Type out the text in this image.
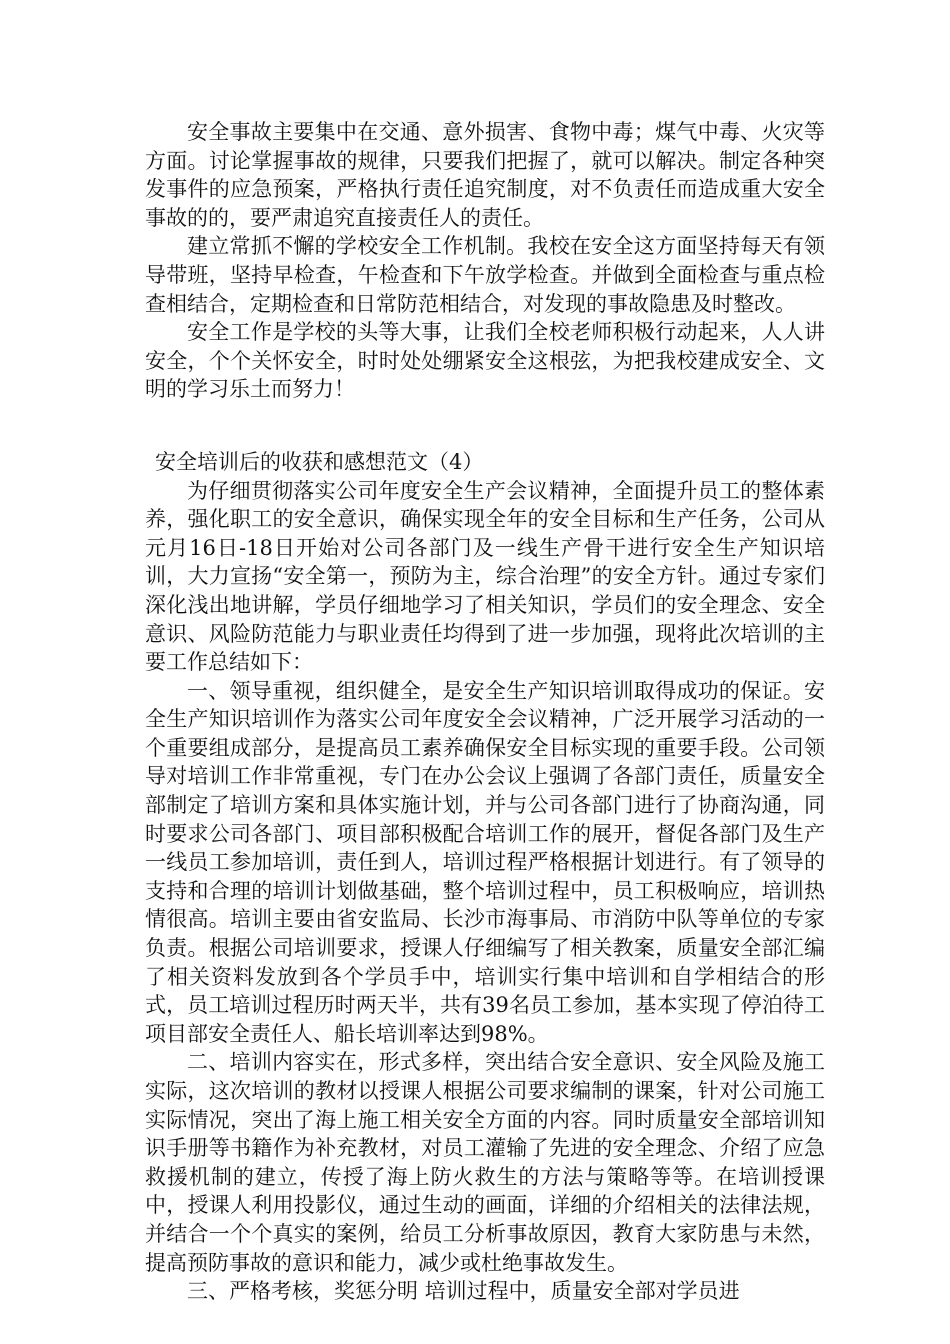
安全事故主要集中在交通、意外损害、食物中毒；煤气中毒、火灾等方面。讨论掌握事故的规律，只要我们把握了，就可以解决。制定各种突发事件的应急预案，严格执行责任追究制度，对不负责任而造成重大安全事故的的，要严肃追究直接责任人的责任。

建立常抓不懈的学校安全工作机制。我校在安全这方面坚持每天有领导带班，坚持早检查，午检查和下午放学检查。并做到全面检查与重点检查相结合，定期检查和日常防范相结合，对发现的事故隐患及时整改。

安全工作是学校的头等大事，让我们全校老师积极行动起来，人人讲安全，个个关怀安全，时时处处绷紧安全这根弦，为把我校建成安全、文明的学习乐土而努力！

安全培训后的收获和感想范文（4）

为仔细贯彻落实公司年度安全生产会议精神，全面提升员工的整体素养，强化职工的安全意识，确保实现全年的安全目标和生产任务，公司从元月16日-18日开始对公司各部门及一线生产骨干进行安全生产知识培训，大力宣扬“安全第一，预防为主，综合治理”的安全方针。通过专家们深化浅出地讲解，学员仔细地学习了相关知识，学员们的安全理念、安全意识、风险防范能力与职业责任均得到了进一步加强，现将此次培训的主要工作总结如下：

一、领导重视，组织健全，是安全生产知识培训取得成功的保证。安全生产知识培训作为落实公司年度安全会议精神，广泛开展学习活动的一个重要组成部分，是提高员工素养确保安全目标实现的重要手段。公司领导对培训工作非常重视，专门在办公会议上强调了各部门责任，质量安全部制定了培训方案和具体实施计划，并与公司各部门进行了协商沟通，同时要求公司各部门、项目部积极配合培训工作的展开，督促各部门及生产一线员工参加培训，责任到人，培训过程严格根据计划进行。有了领导的支持和合理的培训计划做基础，整个培训过程中，员工积极响应，培训热情很高。培训主要由省安监局、长沙市海事局、市消防中队等单位的专家负责。根据公司培训要求，授课人仔细编写了相关教案，质量安全部汇编了相关资料发放到各个学员手中，培训实行集中培训和自学相结合的形式，员工培训过程历时两天半，共有39名员工参加，基本实现了停泊待工项目部安全责任人、船长培训率达到98%。

二、培训内容实在，形式多样，突出结合安全意识、安全风险及施工实际，这次培训的教材以授课人根据公司要求编制的课案，针对公司施工实际情况，突出了海上施工相关安全方面的内容。同时质量安全部培训知识手册等书籍作为补充教材，对员工灌输了先进的安全理念、介绍了应急救援机制的建立，传授了海上防火救生的方法与策略等等。在培训授课中，授课人利用投影仪，通过生动的画面，详细的介绍相关的法律法规，并结合一个个真实的案例，给员工分析事故原因，教育大家防患与未然，提高预防事故的意识和能力，减少或杜绝事故发生。

三、严格考核，奖惩分明 培训过程中，质量安全部对学员进
